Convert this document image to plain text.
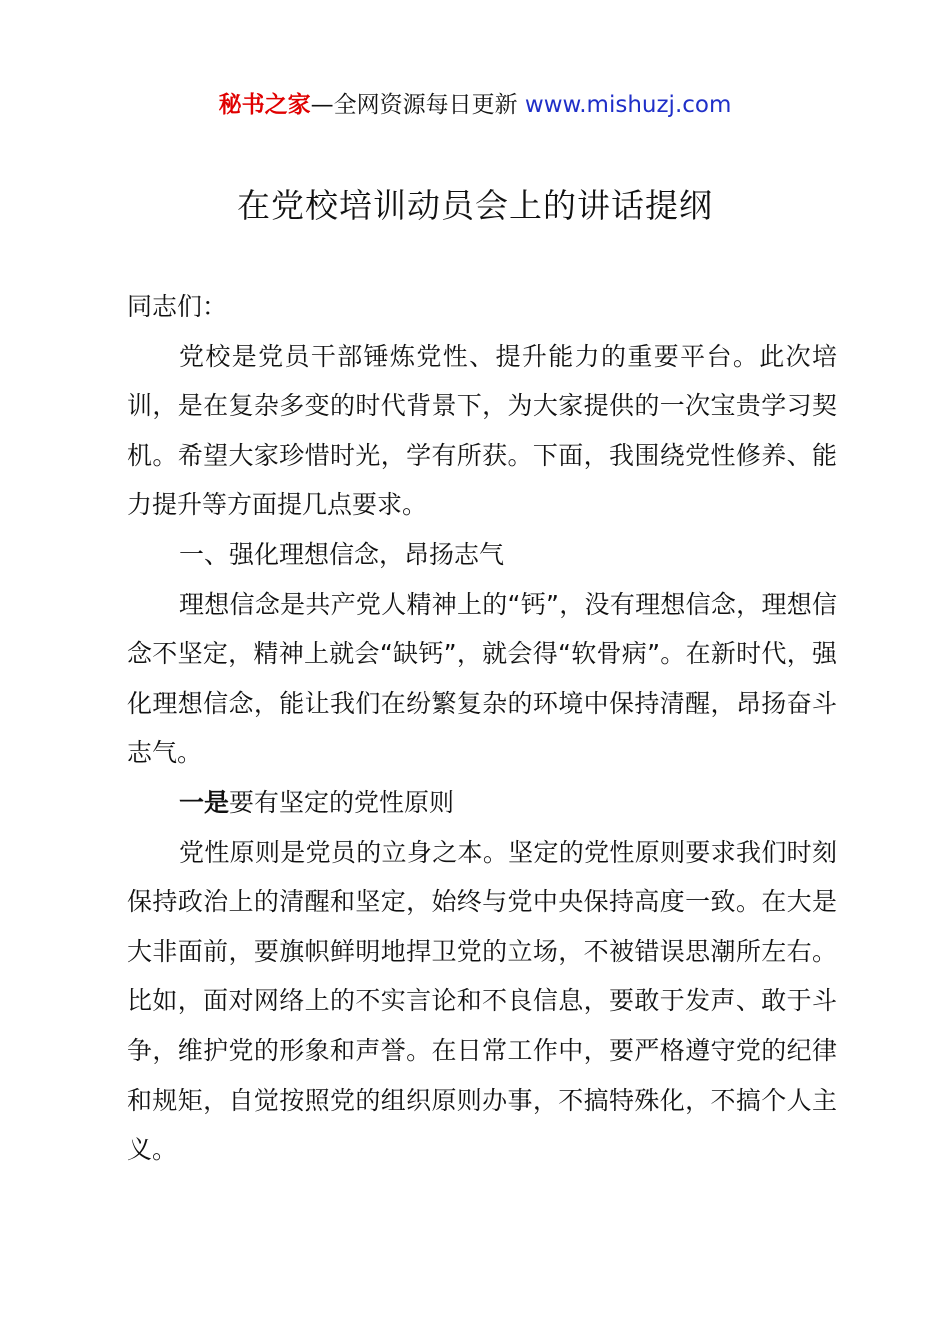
秘书之家—全网资源每日更新 www.mishuzj.com
在党校培训动员会上的讲话提纲

同志们：

党校是党员干部锤炼党性、提升能力的重要平台。此次培训，是在复杂多变的时代背景下，为大家提供的一次宝贵学习契机。希望大家珍惜时光，学有所获。下面，我围绕党性修养、能力提升等方面提几点要求。

一、强化理想信念，昂扬志气

理想信念是共产党人精神上的“钙”，没有理想信念，理想信念不坚定，精神上就会“缺钙”，就会得“软骨病”。在新时代，强化理想信念，能让我们在纷繁复杂的环境中保持清醒，昂扬奋斗志气。

一是要有坚定的党性原则

党性原则是党员的立身之本。坚定的党性原则要求我们时刻保持政治上的清醒和坚定，始终与党中央保持高度一致。在大是大非面前，要旗帜鲜明地捍卫党的立场，不被错误思潮所左右。比如，面对网络上的不实言论和不良信息，要敢于发声、敢于斗争，维护党的形象和声誉。在日常工作中，要严格遵守党的纪律和规矩，自觉按照党的组织原则办事，不搞特殊化，不搞个人主义。
